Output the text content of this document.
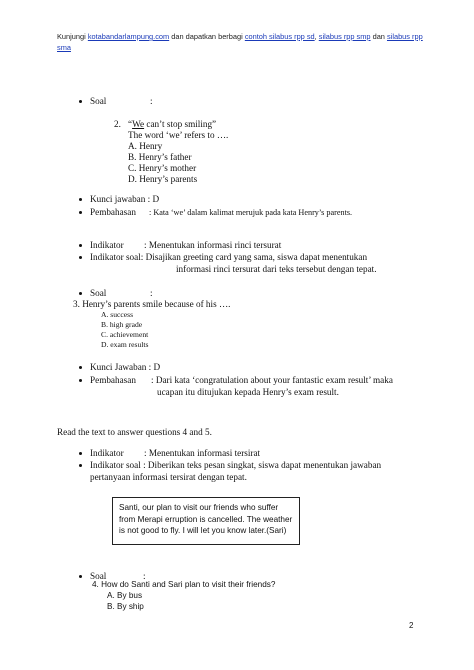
Kunjungi kotabandarlampung.com dan dapatkan berbagi contoh silabus rpp sd, silabus rpp smp dan silabus rpp sma
Soal	:
2. “We can’t stop smiling”
The word ‘we’ refers to ….
A. Henry
B. Henry’s father
C. Henry’s mother
D. Henry’s parents
Kunci jawaban : D
Pembahasan : Kata ‘we’ dalam kalimat merujuk pada kata Henry’s parents.
Indikator : Menentukan informasi rinci tersurat
Indikator soal: Disajikan greeting card yang sama, siswa dapat menentukan
informasi rinci tersurat dari teks tersebut dengan tepat.
Soal	:
3. Henry’s parents smile because of his ….
A. success
B. high grade
C. achievement
D. exam results
Kunci Jawaban : D
Pembahasan : Dari kata ‘congratulation about your fantastic exam result’ maka
ucapan itu ditujukan kepada Henry’s exam result.
Read the text to answer questions 4 and 5.
Indikator : Menentukan informasi tersirat
Indikator soal : Diberikan teks pesan singkat, siswa dapat menentukan jawaban
pertanyaan informasi tersirat dengan tepat.
Santi, our plan to visit our friends who suffer from Merapi erruption is cancelled. The weather is not good to fly. I will let you know later.(Sari)
Soal	:
4. How do Santi and Sari plan to visit their friends?
A. By bus
B. By ship
2
